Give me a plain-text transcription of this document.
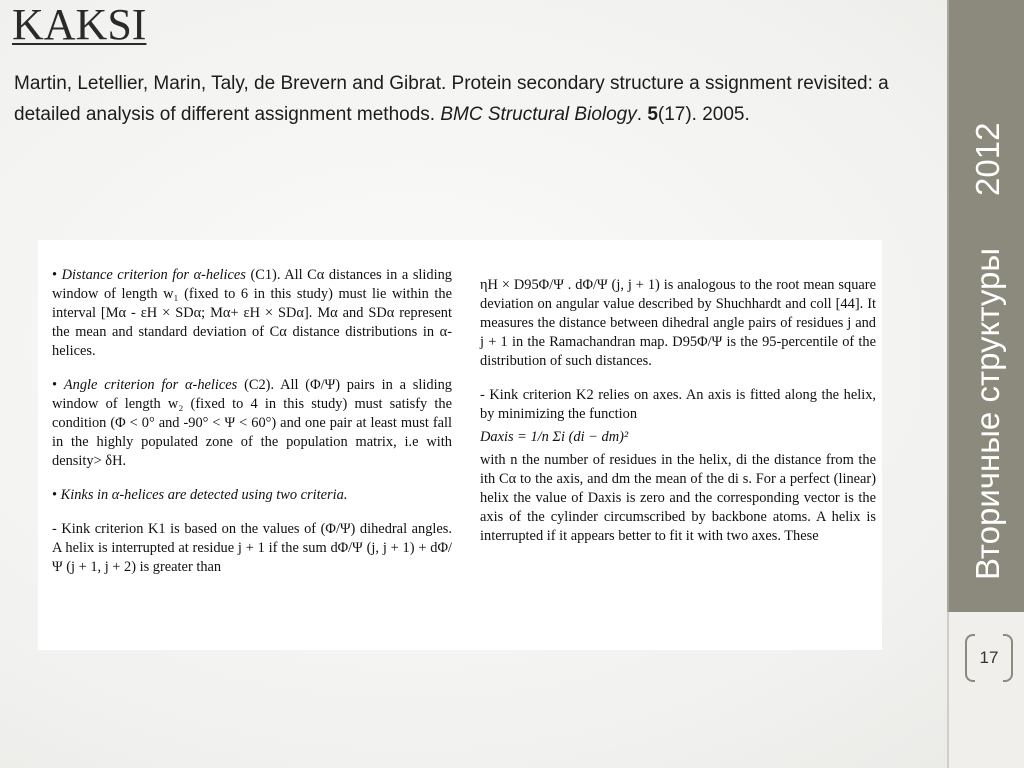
KAKSI
Martin, Letellier, Marin, Taly, de Brevern and Gibrat. Protein secondary structure a ssignment revisited: a detailed analysis of different assignment methods. BMC Structural Biology. 5(17). 2005.

• Distance criterion for α-helices (C1). All Cα distances in a sliding window of length w₁ (fixed to 6 in this study) must lie within the interval [Mα - εH × SDα; Mα+ εH × SDα]. Mα and SDα represent the mean and standard deviation of Cα distance distributions in α-helices.

• Angle criterion for α-helices (C2). All (Φ/Ψ) pairs in a sliding window of length w₂ (fixed to 4 in this study) must satisfy the condition (Φ < 0° and -90° < Ψ < 60°) and one pair at least must fall in the highly populated zone of the population matrix, i.e with density> δH.

• Kinks in α-helices are detected using two criteria.

- Kink criterion K1 is based on the values of (Φ/Ψ) dihedral angles. A helix is interrupted at residue j + 1 if the sum dΦ/Ψ (j, j + 1) + dΦ/Ψ (j + 1, j + 2) is greater than

ηH × D95Φ/Ψ . dΦ/Ψ (j, j + 1) is analogous to the root mean square deviation on angular value described by Shuchhardt and coll [44]. It measures the distance between dihedral angle pairs of residues j and j + 1 in the Ramachandran map. D95Φ/Ψ is the 95-percentile of the distribution of such distances.

- Kink criterion K2 relies on axes. An axis is fitted along the helix, by minimizing the function
Daxis = 1/n Σi (di − dm)²
with n the number of residues in the helix, di the distance from the ith Cα to the axis, and dm the mean of the di s. For a perfect (linear) helix the value of Daxis is zero and the corresponding vector is the axis of the cylinder circumscribed by backbone atoms. A helix is interrupted if it appears better to fit it with two axes. These	Вторичные структуры
2012
17
